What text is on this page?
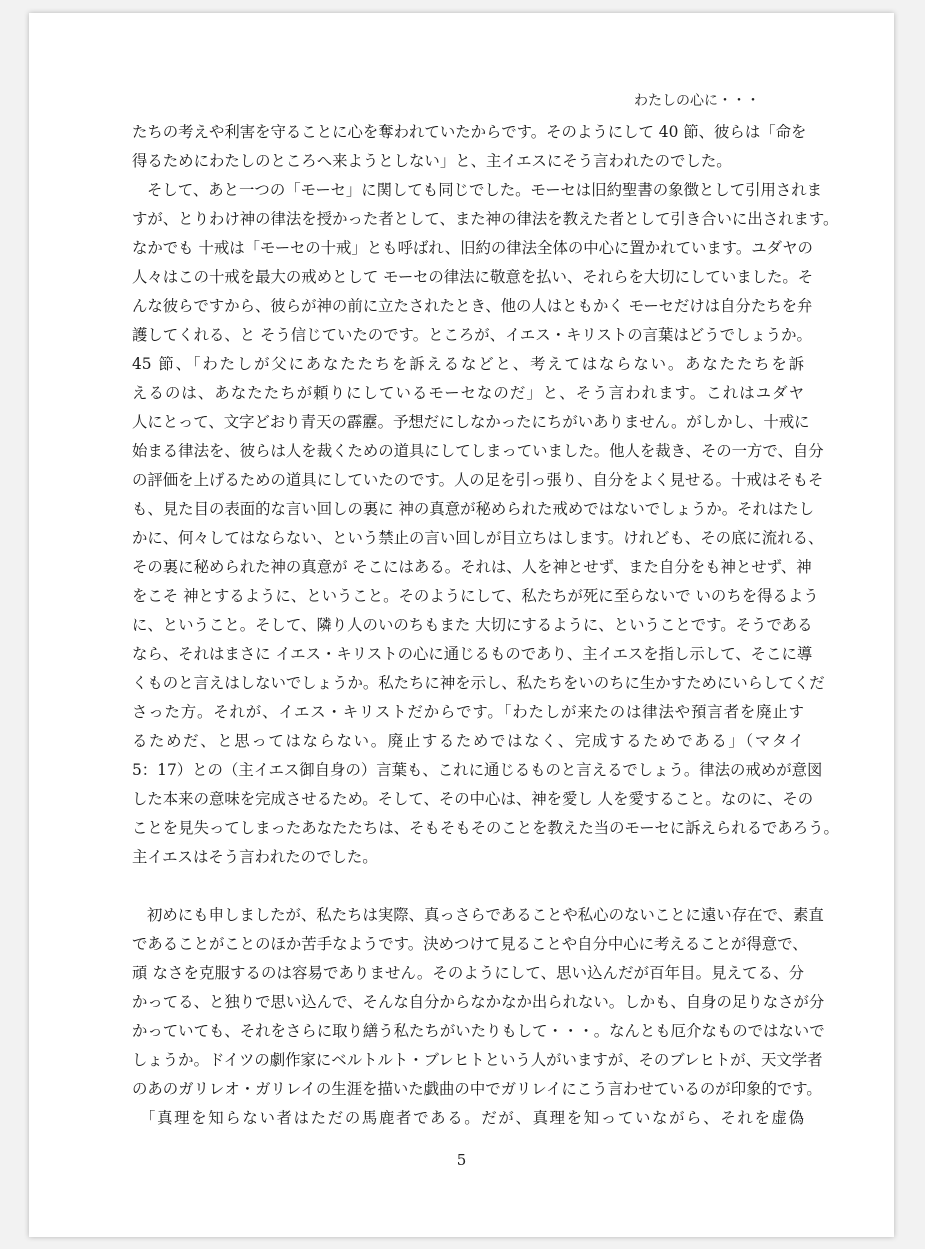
わたしの心に・・・
たちの考えや利害を守ることに心を奪われていたからです。そのようにして 40 節、彼らは「命を
得るためにわたしのところへ来ようとしない」と、主イエスにそう言われたのでした。
そして、あと一つの「モーセ」に関しても同じでした。モーセは旧約聖書の象徴として引用されま
すが、とりわけ神の律法を授かった者として、また神の律法を教えた者として引き合いに出されます。
なかでも 十戒は「モーセの十戒」とも呼ばれ、旧約の律法全体の中心に置かれています。ユダヤの
人々はこの十戒を最大の戒めとして モーセの律法に敬意を払い、それらを大切にしていました。そ
んな彼らですから、彼らが神の前に立たされたとき、他の人はともかく モーセだけは自分たちを弁
護してくれる、と そう信じていたのです。ところが、イエス・キリストの言葉はどうでしょうか。
45 節、「わたしが父にあなたたちを訴えるなどと、考えてはならない。あなたたちを訴
えるのは、あなたたちが頼りにしているモーセなのだ」と、そう言われます。これはユダヤ
人にとって、文字どおり青天の霹靂。予想だにしなかったにちがいありません。がしかし、十戒に
始まる律法を、彼らは人を裁くための道具にしてしまっていました。他人を裁き、その一方で、自分
の評価を上げるための道具にしていたのです。人の足を引っ張り、自分をよく見せる。十戒はそもそ
も、見た目の表面的な言い回しの裏に 神の真意が秘められた戒めではないでしょうか。それはたし
かに、何々してはならない、という禁止の言い回しが目立ちはします。けれども、その底に流れる、
その裏に秘められた神の真意が そこにはある。それは、人を神とせず、また自分をも神とせず、神
をこそ 神とするように、ということ。そのようにして、私たちが死に至らないで いのちを得るよう
に、ということ。そして、隣り人のいのちもまた 大切にするように、ということです。そうである
なら、それはまさに イエス・キリストの心に通じるものであり、主イエスを指し示して、そこに導
くものと言えはしないでしょうか。私たちに神を示し、私たちをいのちに生かすためにいらしてくだ
さった方。それが、イエス・キリストだからです。「わたしが来たのは律法や預言者を廃止す
るためだ、と思ってはならない。廃止するためではなく、完成するためである」（マタイ
5：17）との（主イエス御自身の）言葉も、これに通じるものと言えるでしょう。律法の戒めが意図
した本来の意味を完成させるため。そして、その中心は、神を愛し 人を愛すること。なのに、その
ことを見失ってしまったあなたたちは、そもそもそのことを教えた当のモーセに訴えられるであろう。
主イエスはそう言われたのでした。
初めにも申しましたが、私たちは実際、真っさらであることや私心のないことに遠い存在で、素直
であることがことのほか苦手なようです。決めつけて見ることや自分中心に考えることが得意で、
頑 なさを克服するのは容易でありません。そのようにして、思い込んだが百年目。見えてる、分
かってる、と独りで思い込んで、そんな自分からなかなか出られない。しかも、自身の足りなさが分
かっていても、それをさらに取り繕う私たちがいたりもして・・・。なんとも厄介なものではないで
しょうか。ドイツの劇作家にベルトルト・ブレヒトという人がいますが、そのブレヒトが、天文学者
のあのガリレオ・ガリレイの生涯を描いた戯曲の中でガリレイにこう言わせているのが印象的です。
「真理を知らない者はただの馬鹿者である。だが、真理を知っていながら、それを虚偽
5
